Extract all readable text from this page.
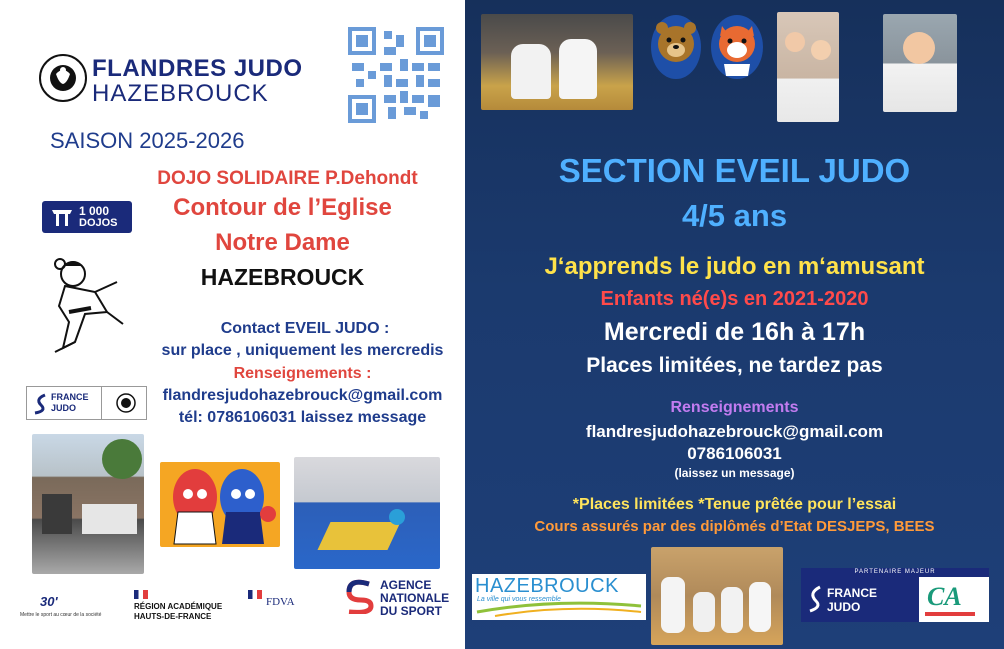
FLANDRES JUDO
HAZEBROUCK
SAISON 2025-2026
DOJO SOLIDAIRE P.Dehondt
Contour de l’Eglise
Notre Dame
HAZEBROUCK
1 000
DOJOS
Contact EVEIL JUDO :
sur place , uniquement les mercredis
Renseignements :
flandresjudohazebrouck@gmail.com
tél: 0786106031 laissez message
FRANCE
JUDO
30'
Mettre le sport au cœur de la société
RÉGION ACADÉMIQUE
HAUTS-DE-FRANCE
FDVA
AGENCE
NATIONALE
DU SPORT
SECTION EVEIL JUDO
4/5 ans
J‘apprends le judo en m‘amusant
Enfants né(e)s en 2021-2020
Mercredi de 16h à 17h
Places limitées, ne tardez pas
Renseignements
flandresjudohazebrouck@gmail.com
0786106031
(laissez un message)
*Places limitées *Tenue prêtée pour l’essai
Cours assurés par des diplômés d’Etat DESJEPS, BEES
HAZEBROUCK
La ville qui vous ressemble
PARTENAIRE MAJEUR
FRANCE
JUDO	CA
